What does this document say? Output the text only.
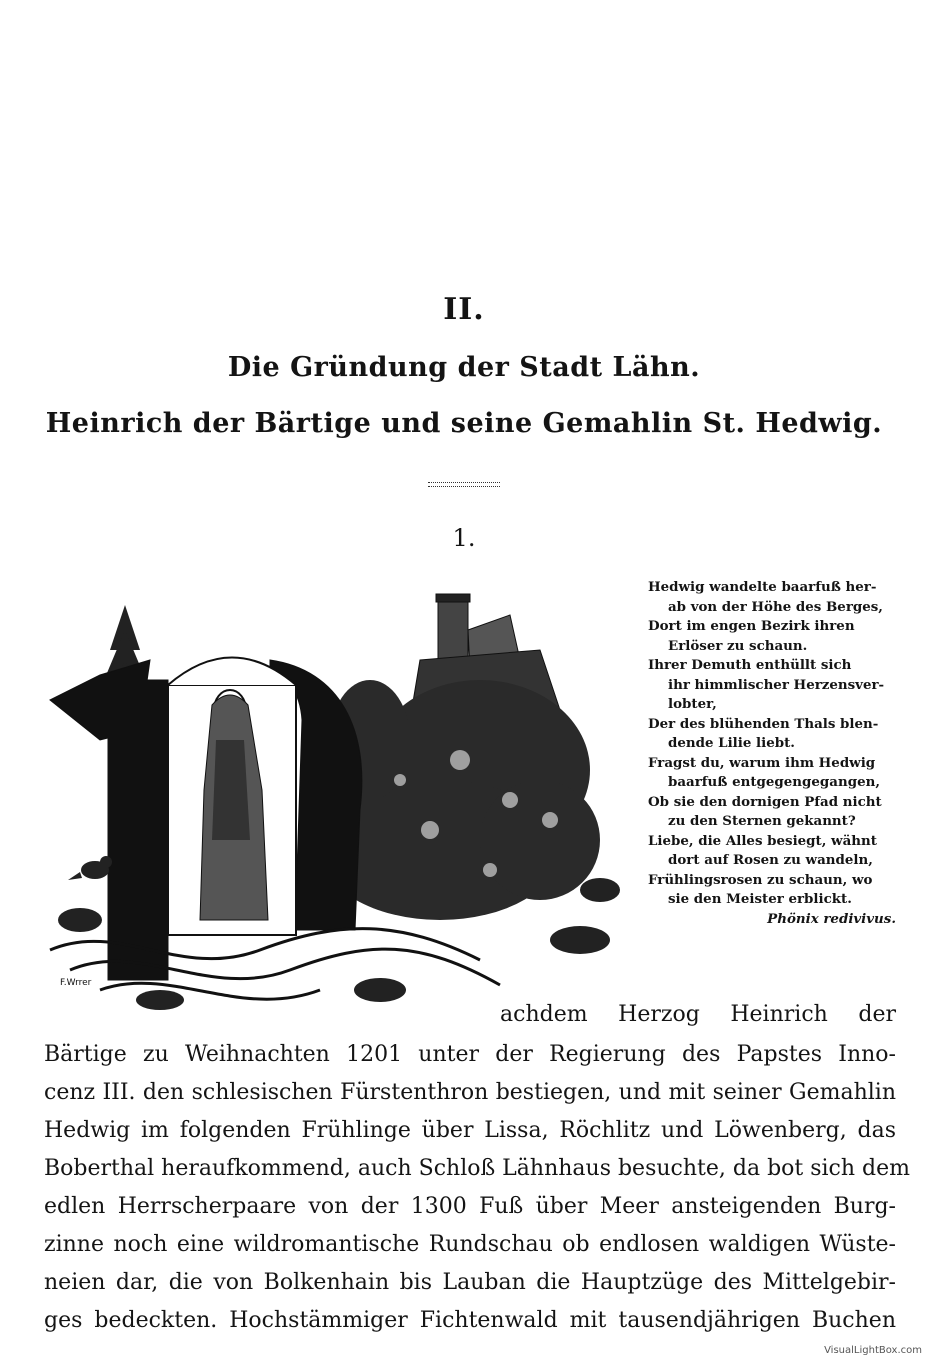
II.
Die Gründung der Stadt Lähn.
Heinrich der Bärtige und seine Gemahlin St. Hedwig.
1.
F.Wrrer
Hedwig wandelte baarfuß her-
ab von der Höhe des Berges,
Dort im engen Bezirk ihren
Erlöser zu schaun.
Ihrer Demuth enthüllt sich
ihr himmlischer Herzensver-
lobter,
Der des blühenden Thals blen-
dende Lilie liebt.
Fragst du, warum ihm Hedwig
baarfuß entgegengegangen,
Ob sie den dornigen Pfad nicht
zu den Sternen gekannt?
Liebe, die Alles besiegt, wähnt
dort auf Rosen zu wandeln,
Frühlingsrosen zu schaun, wo
sie den Meister erblickt.
Phönix redivivus.
achdem Herzog Heinrich der
Bärtige zu Weihnachten 1201 unter der Regierung des Papstes Inno-
cenz III. den schlesischen Fürstenthron bestiegen, und mit seiner Gemahlin
Hedwig im folgenden Frühlinge über Lissa, Röchlitz und Löwenberg, das
Boberthal heraufkommend, auch Schloß Lähnhaus besuchte, da bot sich dem
edlen Herrscherpaare von der 1300 Fuß über Meer ansteigenden Burg-
zinne noch eine wildromantische Rundschau ob endlosen waldigen Wüste-
neien dar, die von Bolkenhain bis Lauban die Hauptzüge des Mittelgebir-
ges bedeckten. Hochstämmiger Fichtenwald mit tausendjährigen Buchen
VisualLightBox.com
